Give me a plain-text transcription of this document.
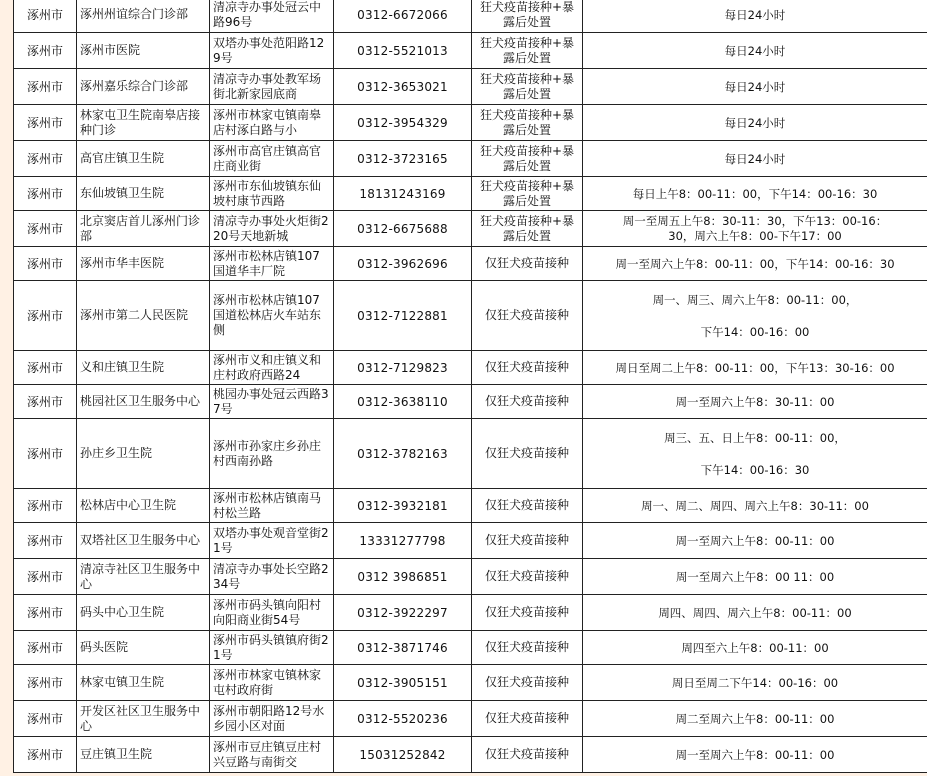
涿州市	涿州州谊综合门诊部	清凉寺办事处冠云中路96号	0312-6672066	狂犬疫苗接种+暴露后处置	每日24小时

涿州市	涿州市医院	双塔办事处范阳路129号	0312-5521013	狂犬疫苗接种+暴露后处置	每日24小时

涿州市	涿州嘉乐综合门诊部	清凉寺办事处教军场街北新家园底商	0312-3653021	狂犬疫苗接种+暴露后处置	每日24小时

涿州市	林家屯卫生院南皋店接种门诊	涿州市林家屯镇南皋店村涿白路与小	0312-3954329	狂犬疫苗接种+暴露后处置	每日24小时

涿州市	高官庄镇卫生院	涿州市高官庄镇高官庄商业街	0312-3723165	狂犬疫苗接种+暴露后处置	每日24小时

涿州市	东仙坡镇卫生院	涿州市东仙坡镇东仙坡村康节西路	18131243169	狂犬疫苗接种+暴露后处置	每日上午8：00-11：00，下午14：00-16：30

涿州市	北京窦店首儿涿州门诊部	清凉寺办事处火炬街220号天地新城	0312-6675688	狂犬疫苗接种+暴露后处置	周一至周五上午8：30-11：30，下午13：00-16：
30，周六上午8：00-下午17：00

涿州市	涿州市华丰医院	涿州市松林店镇107国道华丰厂院	0312-3962696	仅狂犬疫苗接种	周一至周六上午8：00-11：00，下午14：00-16：30

涿州市	涿州市第二人民医院	涿州市松林店镇107国道松林店火车站东侧	0312-7122881	仅狂犬疫苗接种	周一、周三、周六上午8：00-11：00，
下午14：00-16：00

涿州市	义和庄镇卫生院	涿州市义和庄镇义和庄村政府西路24	0312-7129823	仅狂犬疫苗接种	周日至周二上午8：00-11：00，下午13：30-16：00

涿州市	桃园社区卫生服务中心	桃园办事处冠云西路37号	0312-3638110	仅狂犬疫苗接种	周一至周六上午8：30-11：00

涿州市	孙庄乡卫生院	涿州市孙家庄乡孙庄村西南孙路	0312-3782163	仅狂犬疫苗接种	周三、五、日上午8：00-11：00，
下午14：00-16：30

涿州市	松林店中心卫生院	涿州市松林店镇南马村松兰路	0312-3932181	仅狂犬疫苗接种	周一、周二、周四、周六上午8：30-11：00

涿州市	双塔社区卫生服务中心	双塔办事处观音堂街21号	13331277798	仅狂犬疫苗接种	周一至周六上午8：00-11：00

涿州市	清凉寺社区卫生服务中心	清凉寺办事处长空路234号	0312 3986851	仅狂犬疫苗接种	周一至周六上午8：00 11：00

涿州市	码头中心卫生院	涿州市码头镇向阳村向阳商业街54号	0312-3922297	仅狂犬疫苗接种	周四、周四、周六上午8：00-11：00

涿州市	码头医院	涿州市码头镇镇府街21号	0312-3871746	仅狂犬疫苗接种	周四至六上午8：00-11：00

涿州市	林家屯镇卫生院	涿州市林家屯镇林家屯村政府街	0312-3905151	仅狂犬疫苗接种	周日至周二下午14：00-16：00

涿州市	开发区社区卫生服务中心	涿州市朝阳路12号水乡园小区对面	0312-5520236	仅狂犬疫苗接种	周二至周六上午8：00-11：00

涿州市	豆庄镇卫生院	涿州市豆庄镇豆庄村兴豆路与南街交	15031252842	仅狂犬疫苗接种	周一至周六上午8：00-11：00
